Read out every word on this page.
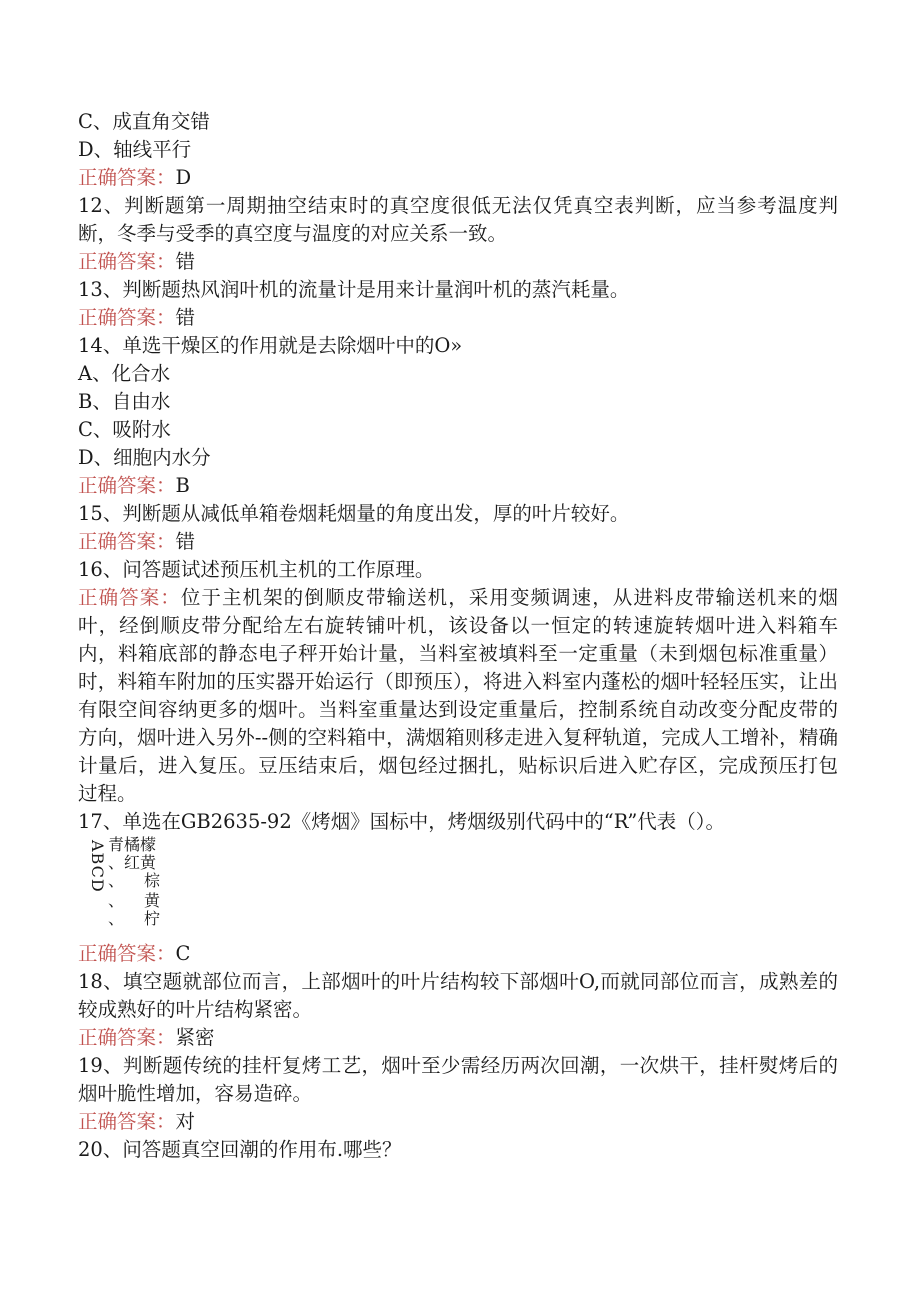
C、成直角交错
D、轴线平行
正确答案：D
12、判断题第一周期抽空结束时的真空度很低无法仅凭真空表判断，应当参考温度判断，冬季与受季的真空度与温度的对应关系一致。
正确答案：错
13、判断题热风润叶机的流量计是用来计量润叶机的蒸汽耗量。
正确答案：错
14、单选干燥区的作用就是去除烟叶中的O»
A、化合水
B、自由水
C、吸附水
D、细胞内水分
正确答案：B
15、判断题从减低单箱卷烟耗烟量的角度出发，厚的叶片较好。
正确答案：错
16、问答题试述预压机主机的工作原理。
正确答案：位于主机架的倒顺皮带输送机，采用变频调速，从进料皮带输送机来的烟叶，经倒顺皮带分配给左右旋转铺叶机，该设备以一恒定的转速旋转烟叶进入料箱车内，料箱底部的静态电子秤开始计量，当料室被填料至一定重量（未到烟包标准重量）时，料箱车附加的压实器开始运行（即预压），将进入料室内蓬松的烟叶轻轻压实，让出有限空间容纳更多的烟叶。当料室重量达到设定重量后，控制系统自动改变分配皮带的方向，烟叶进入另外--侧的空料箱中，满烟箱则移走进入复秤轨道，完成人工增补，精确计量后，进入复压。豆压结束后，烟包经过捆扎，贴标识后进入贮存区，完成预压打包过程。
17、单选在GB2635-92《烤烟》国标中，烤烟级别代码中的“R”代表（）。
ABCD 青橘檬
、红黄
、 棕
、 黄
、 柠
正确答案：C
18、填空题就部位而言，上部烟叶的叶片结构较下部烟叶O,而就同部位而言，成熟差的较成熟好的叶片结构紧密。
正确答案：紧密
19、判断题传统的挂杆复烤工艺，烟叶至少需经历两次回潮，一次烘干，挂杆熨烤后的烟叶脆性增加，容易造碎。
正确答案：对
20、问答题真空回潮的作用布.哪些？
